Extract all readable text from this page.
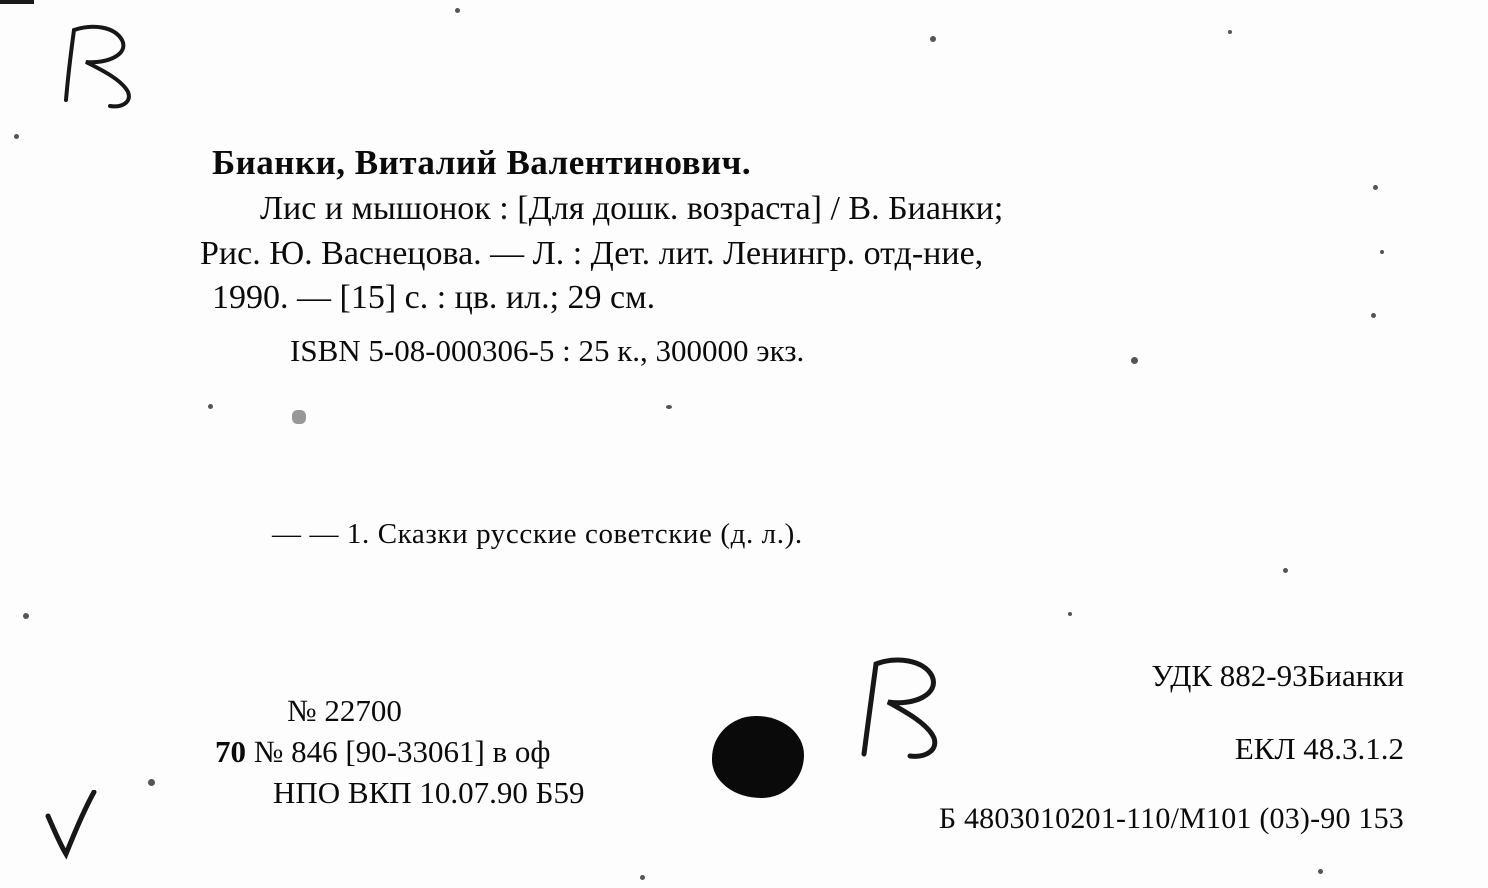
Бианки, Виталий Валентинович.
Лис и мышонок : [Для дошк. возраста] / В. Бианки;
Рис. Ю. Васнецова. — Л. : Дет. лит. Ленингр. отд-ние,
1990. — [15] с. : цв. ил.; 29 см.
ISBN 5-08-000306-5 : 25 к., 300000 экз.
— — 1. Сказки русские советские (д. л.).
№ 22700
70 № 846 [90-33061] в оф
НПО ВКП 10.07.90 Б59
УДК 882-93Бианки
ЕКЛ 48.3.1.2
Б 4803010201-110/М101 (03)-90 153
